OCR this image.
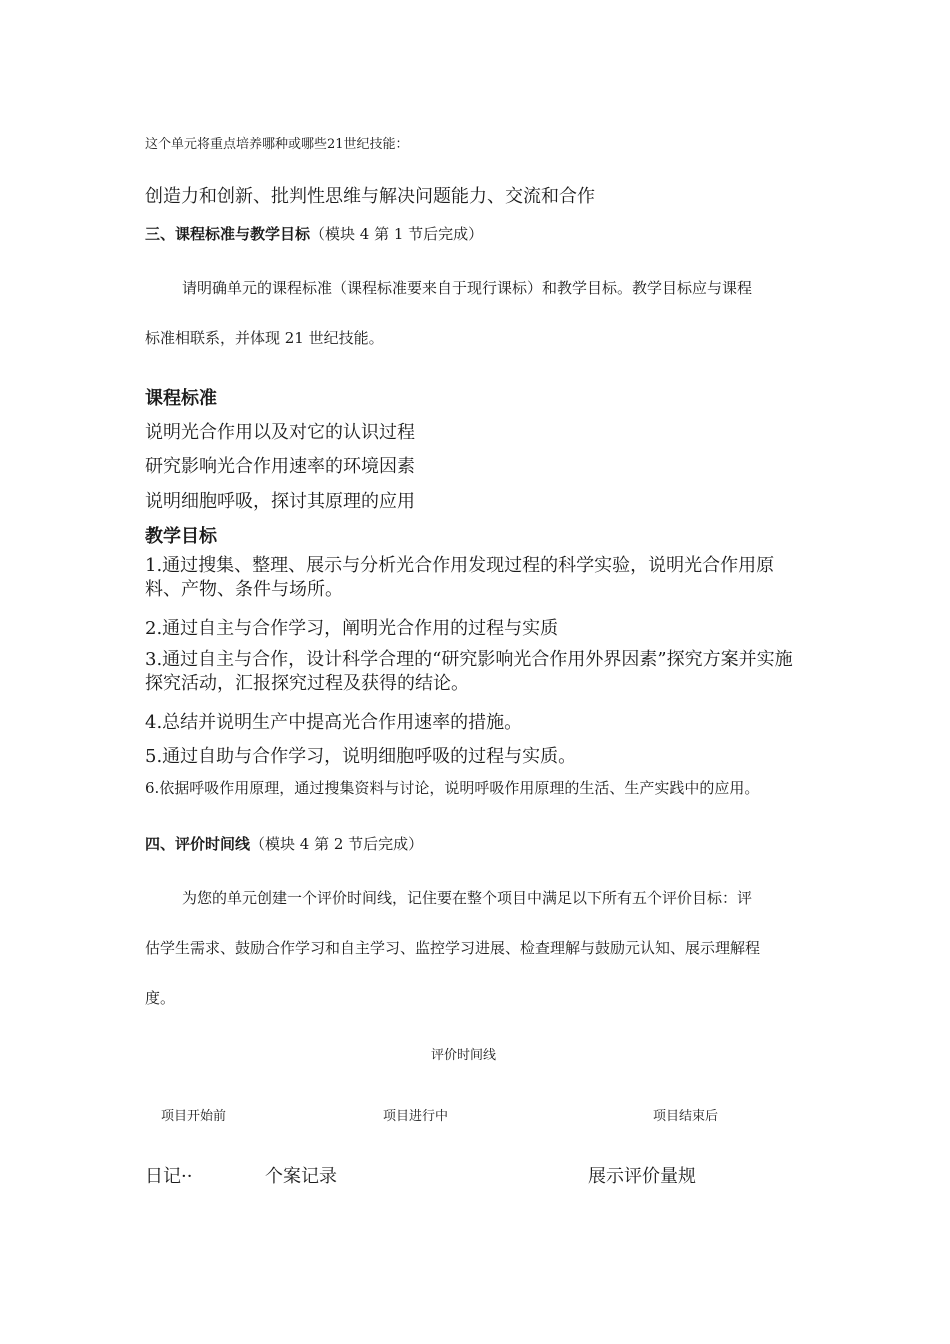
这个单元将重点培养哪种或哪些21世纪技能：
创造力和创新、批判性思维与解决问题能力、交流和合作
三、课程标准与教学目标（模块 4 第 1 节后完成）
请明确单元的课程标准（课程标准要来自于现行课标）和教学目标。教学目标应与课程
标准相联系，并体现 21 世纪技能。
课程标准
说明光合作用以及对它的认识过程
研究影响光合作用速率的环境因素
说明细胞呼吸，探讨其原理的应用
教学目标
1.通过搜集、整理、展示与分析光合作用发现过程的科学实验，说明光合作用原料、产物、条件与场所。
2.通过自主与合作学习，阐明光合作用的过程与实质
3.通过自主与合作，设计科学合理的“研究影响光合作用外界因素”探究方案并实施探究活动，汇报探究过程及获得的结论。
4.总结并说明生产中提高光合作用速率的措施。
5.通过自助与合作学习，说明细胞呼吸的过程与实质。
6.依据呼吸作用原理，通过搜集资料与讨论，说明呼吸作用原理的生活、生产实践中的应用。
四、评价时间线（模块 4 第 2 节后完成）
为您的单元创建一个评价时间线，记住要在整个项目中满足以下所有五个评价目标：评
估学生需求、鼓励合作学习和自主学习、监控学习进展、检查理解与鼓励元认知、展示理解程
度。
评价时间线
项目开始前	项目进行中	项目结束后
日记··	个案记录	展示评价量规
